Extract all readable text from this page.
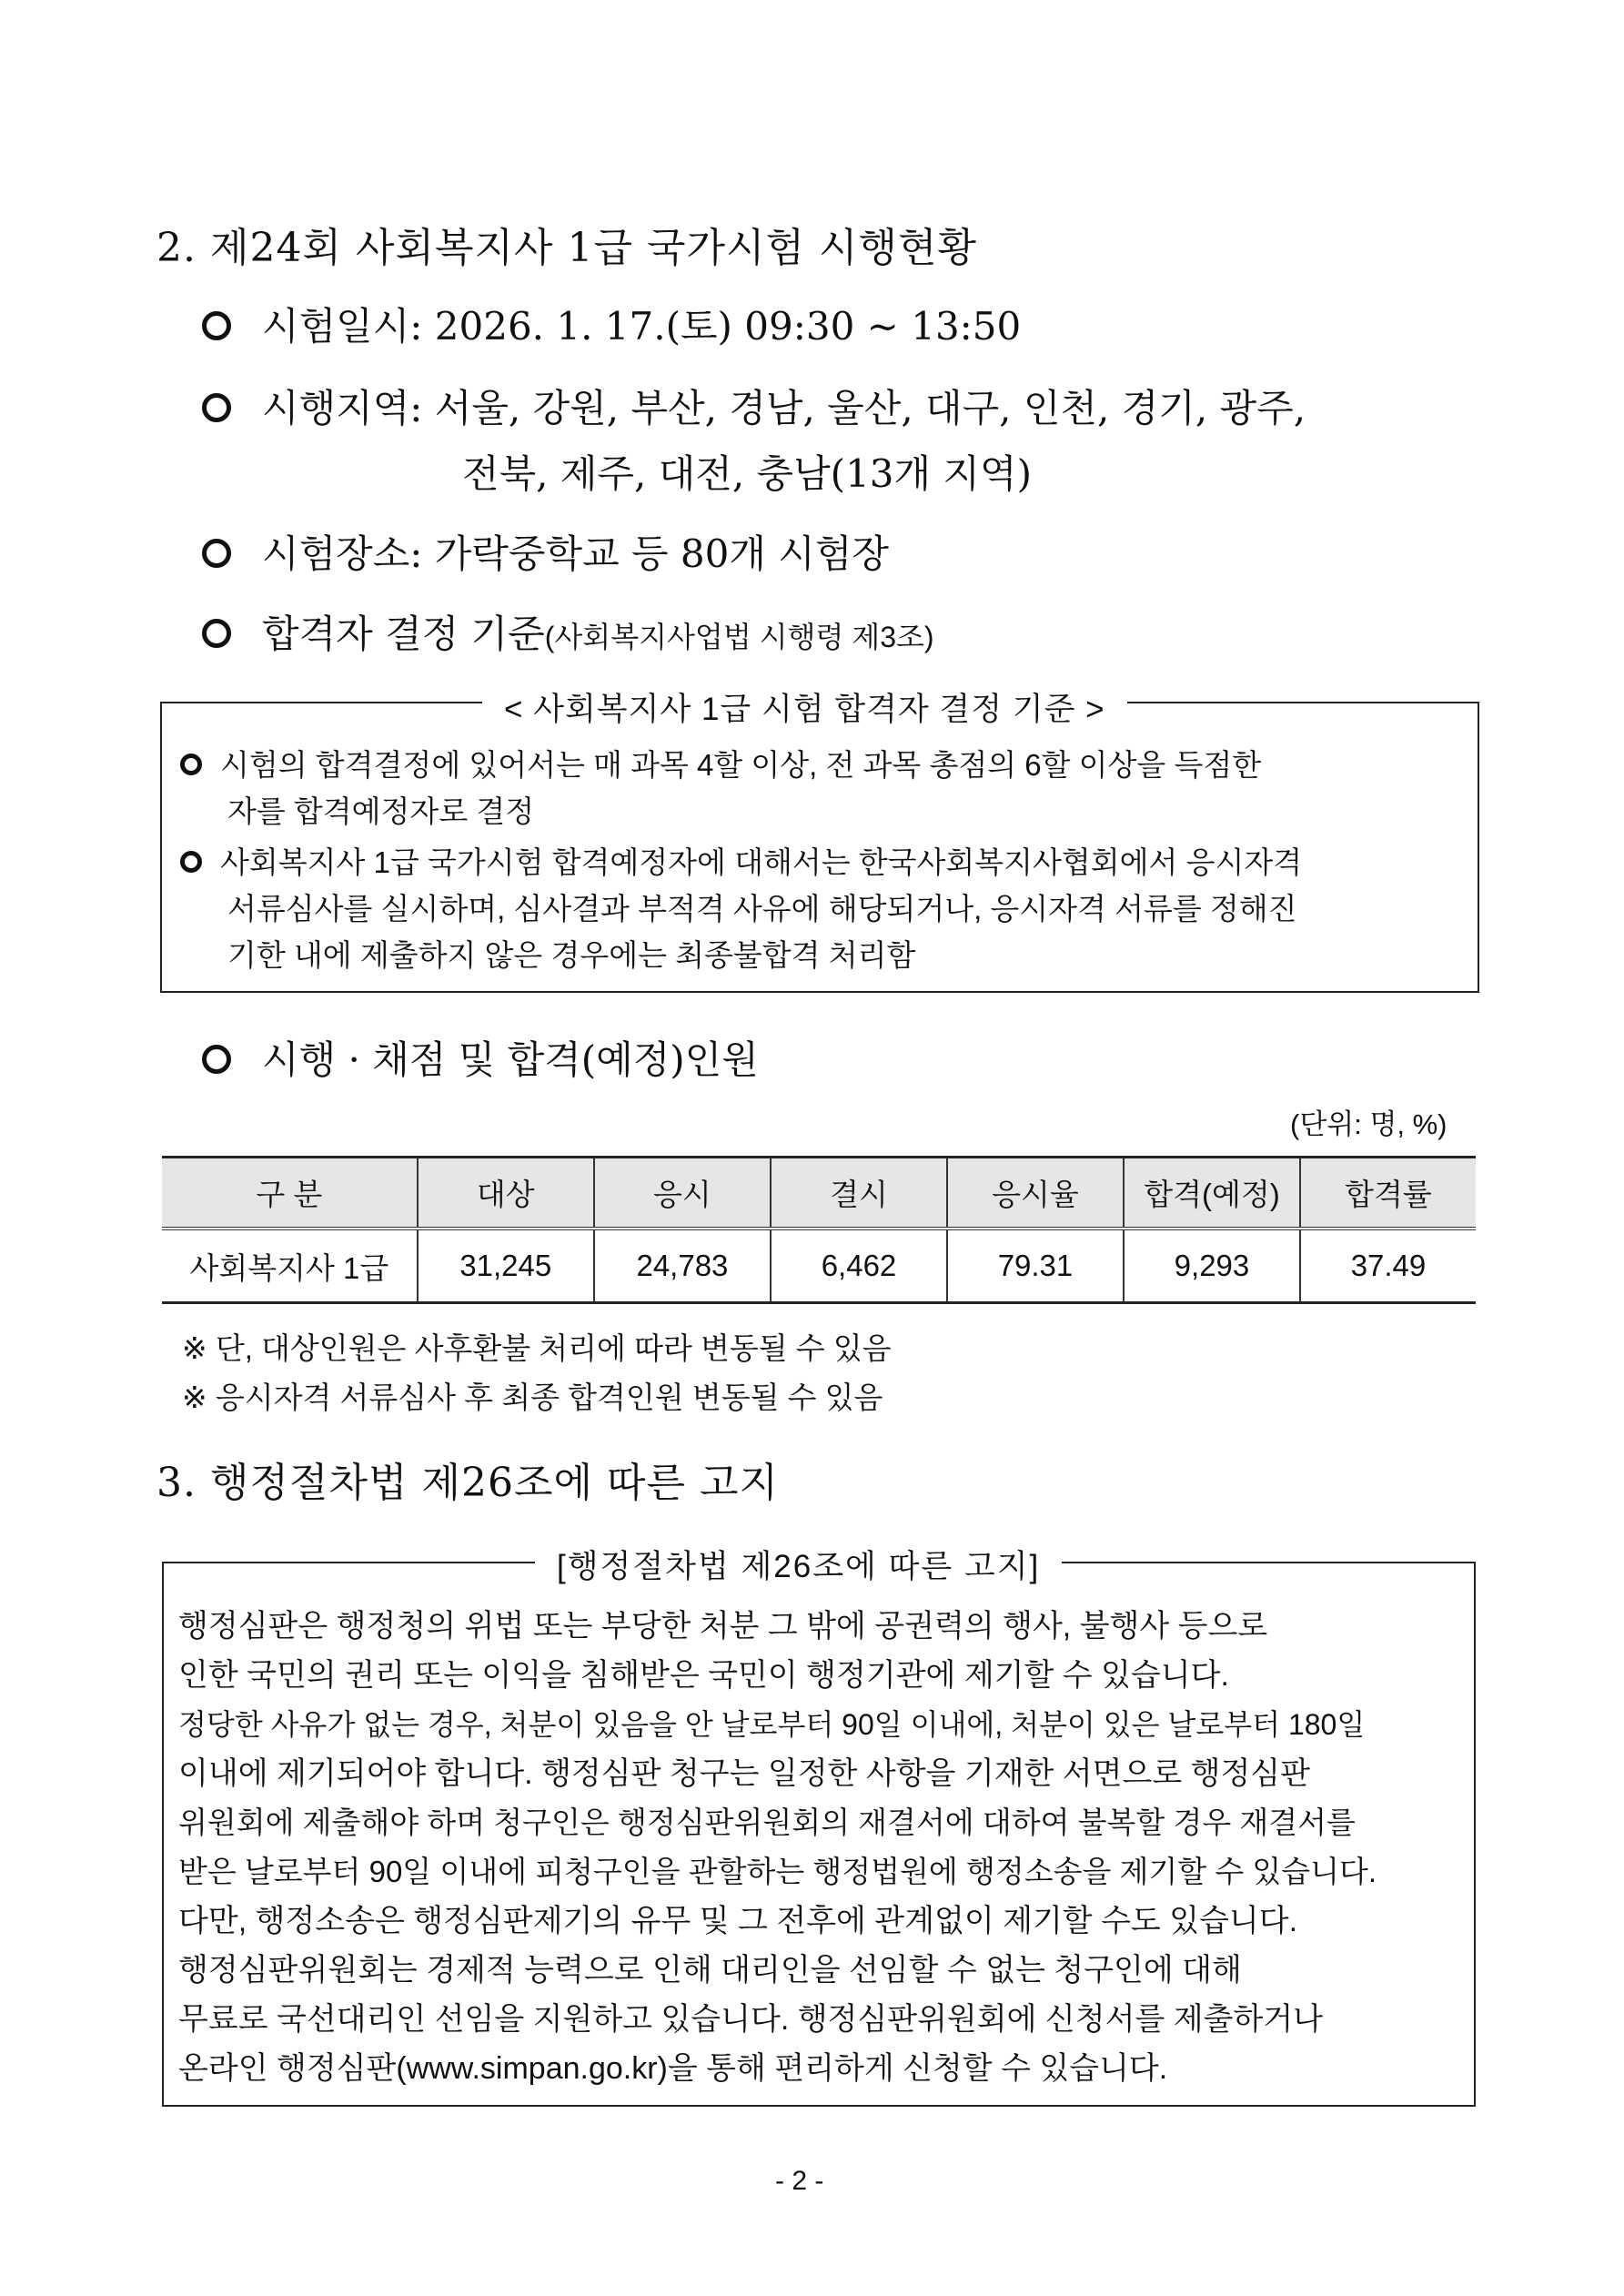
2. 제24회 사회복지사 1급 국가시험 시행현황
시험일시: 2026. 1. 17.(토) 09:30 ~ 13:50
시행지역: 서울, 강원, 부산, 경남, 울산, 대구, 인천, 경기, 광주,
전북, 제주, 대전, 충남(13개 지역)
시험장소: 가락중학교 등 80개 시험장
합격자 결정 기준(사회복지사업법 시행령 제3조)
< 사회복지사 1급 시험 합격자 결정 기준 >
시험의 합격결정에 있어서는 매 과목 4할 이상, 전 과목 총점의 6할 이상을 득점한
자를 합격예정자로 결정
사회복지사 1급 국가시험 합격예정자에 대해서는 한국사회복지사협회에서 응시자격
서류심사를 실시하며, 심사결과 부적격 사유에 해당되거나, 응시자격 서류를 정해진
기한 내에 제출하지 않은 경우에는 최종불합격 처리함
시행 · 채점 및 합격(예정)인원
(단위: 명, %)
구 분	대상	응시	결시	응시율	합격(예정)	합격률
사회복지사 1급	31,245	24,783	6,462	79.31	9,293	37.49
※ 단, 대상인원은 사후환불 처리에 따라 변동될 수 있음
※ 응시자격 서류심사 후 최종 합격인원 변동될 수 있음
3. 행정절차법 제26조에 따른 고지
[행정절차법 제26조에 따른 고지]
행정심판은 행정청의 위법 또는 부당한 처분 그 밖에 공권력의 행사, 불행사 등으로
인한 국민의 권리 또는 이익을 침해받은 국민이 행정기관에 제기할 수 있습니다.
정당한 사유가 없는 경우, 처분이 있음을 안 날로부터 90일 이내에, 처분이 있은 날로부터 180일
이내에 제기되어야 합니다. 행정심판 청구는 일정한 사항을 기재한 서면으로 행정심판
위원회에 제출해야 하며 청구인은 행정심판위원회의 재결서에 대하여 불복할 경우 재결서를
받은 날로부터 90일 이내에 피청구인을 관할하는 행정법원에 행정소송을 제기할 수 있습니다.
다만, 행정소송은 행정심판제기의 유무 및 그 전후에 관계없이 제기할 수도 있습니다.
행정심판위원회는 경제적 능력으로 인해 대리인을 선임할 수 없는 청구인에 대해
무료로 국선대리인 선임을 지원하고 있습니다. 행정심판위원회에 신청서를 제출하거나
온라인 행정심판(www.simpan.go.kr)을 통해 편리하게 신청할 수 있습니다.
- 2 -
